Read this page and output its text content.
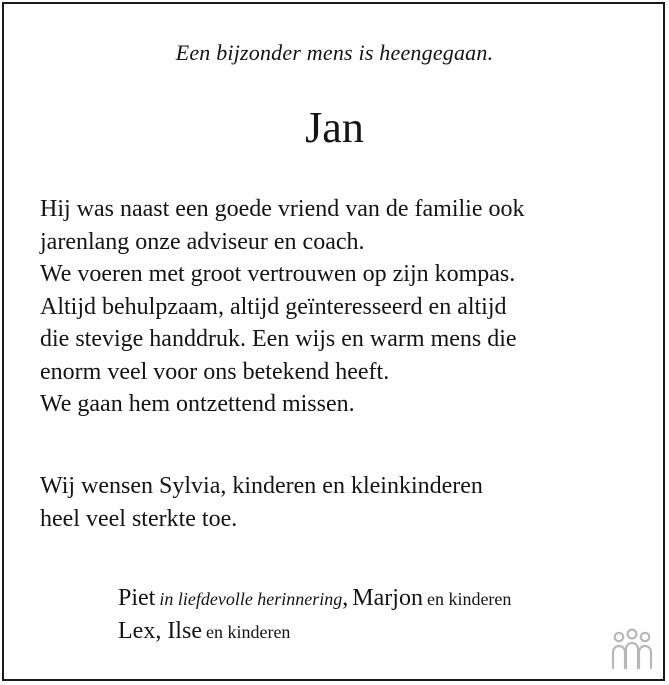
Een bijzonder mens is heengegaan.
Jan
Hij was naast een goede vriend van de familie ook
jarenlang onze adviseur en coach.
We voeren met groot vertrouwen op zijn kompas.
Altijd behulpzaam, altijd geïnteresseerd en altijd
die stevige handdruk. Een wijs en warm mens die
enorm veel voor ons betekend heeft.
We gaan hem ontzettend missen.
Wij wensen Sylvia, kinderen en kleinkinderen
heel veel sterkte toe.
Piet in liefdevolle herinnering, Marjon en kinderen
Lex, Ilse en kinderen
